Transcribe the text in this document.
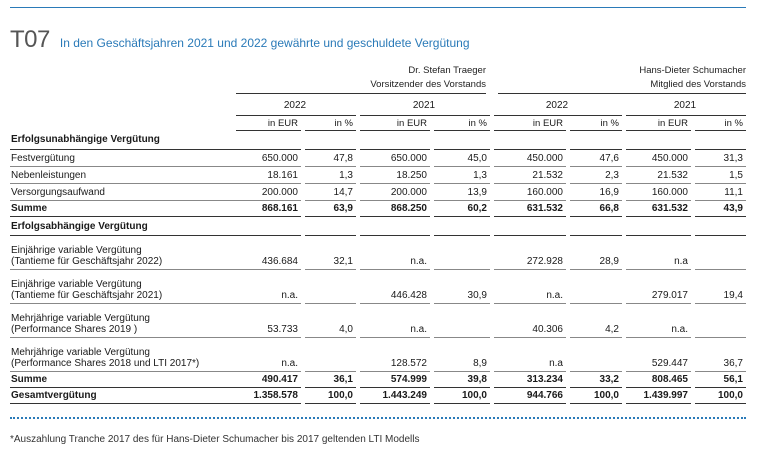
T07 In den Geschäftsjahren 2021 und 2022 gewährte und geschuldete Vergütung
Dr. Stefan Traeger
Vorsitzender des Vorstands
Hans-Dieter Schumacher
Mitglied des Vorstands
	2022				2021				2022				2021		
	in EUR		in %		in EUR		in %		in EUR		in %		in EUR		in %
Erfolgsunabhängige Vergütung															
Festvergütung	650.000		47,8		650.000		45,0		450.000		47,6		450.000		31,3
Nebenleistungen	18.161		1,3		18.250		1,3		21.532		2,3		21.532		1,5
Versorgungsaufwand	200.000		14,7		200.000		13,9		160.000		16,9		160.000		11,1
Summe	868.161		63,9		868.250		60,2		631.532		66,8		631.532		43,9
Erfolgsabhängige Vergütung															

Einjährige variable Vergütung
(Tantieme für Geschäftsjahr 2022)	436.684		32,1		n.a.				272.928		28,9		n.a		

Einjährige variable Vergütung
(Tantieme für Geschäftsjahr 2021)	n.a.				446.428		30,9		n.a.				279.017		19,4

Mehrjährige variable Vergütung
(Performance Shares 2019 )	53.733		4,0		n.a.				40.306		4,2		n.a.		

Mehrjährige variable Vergütung
(Performance Shares 2018 und LTI 2017*)	n.a.				128.572		8,9		n.a				529.447		36,7
Summe	490.417		36,1		574.999		39,8		313.234		33,2		808.465		56,1
Gesamtvergütung	1.358.578		100,0		1.443.249		100,0		944.766		100,0		1.439.997		100,0
*Auszahlung Tranche 2017 des für Hans-Dieter Schumacher bis 2017 geltenden LTI Modells
